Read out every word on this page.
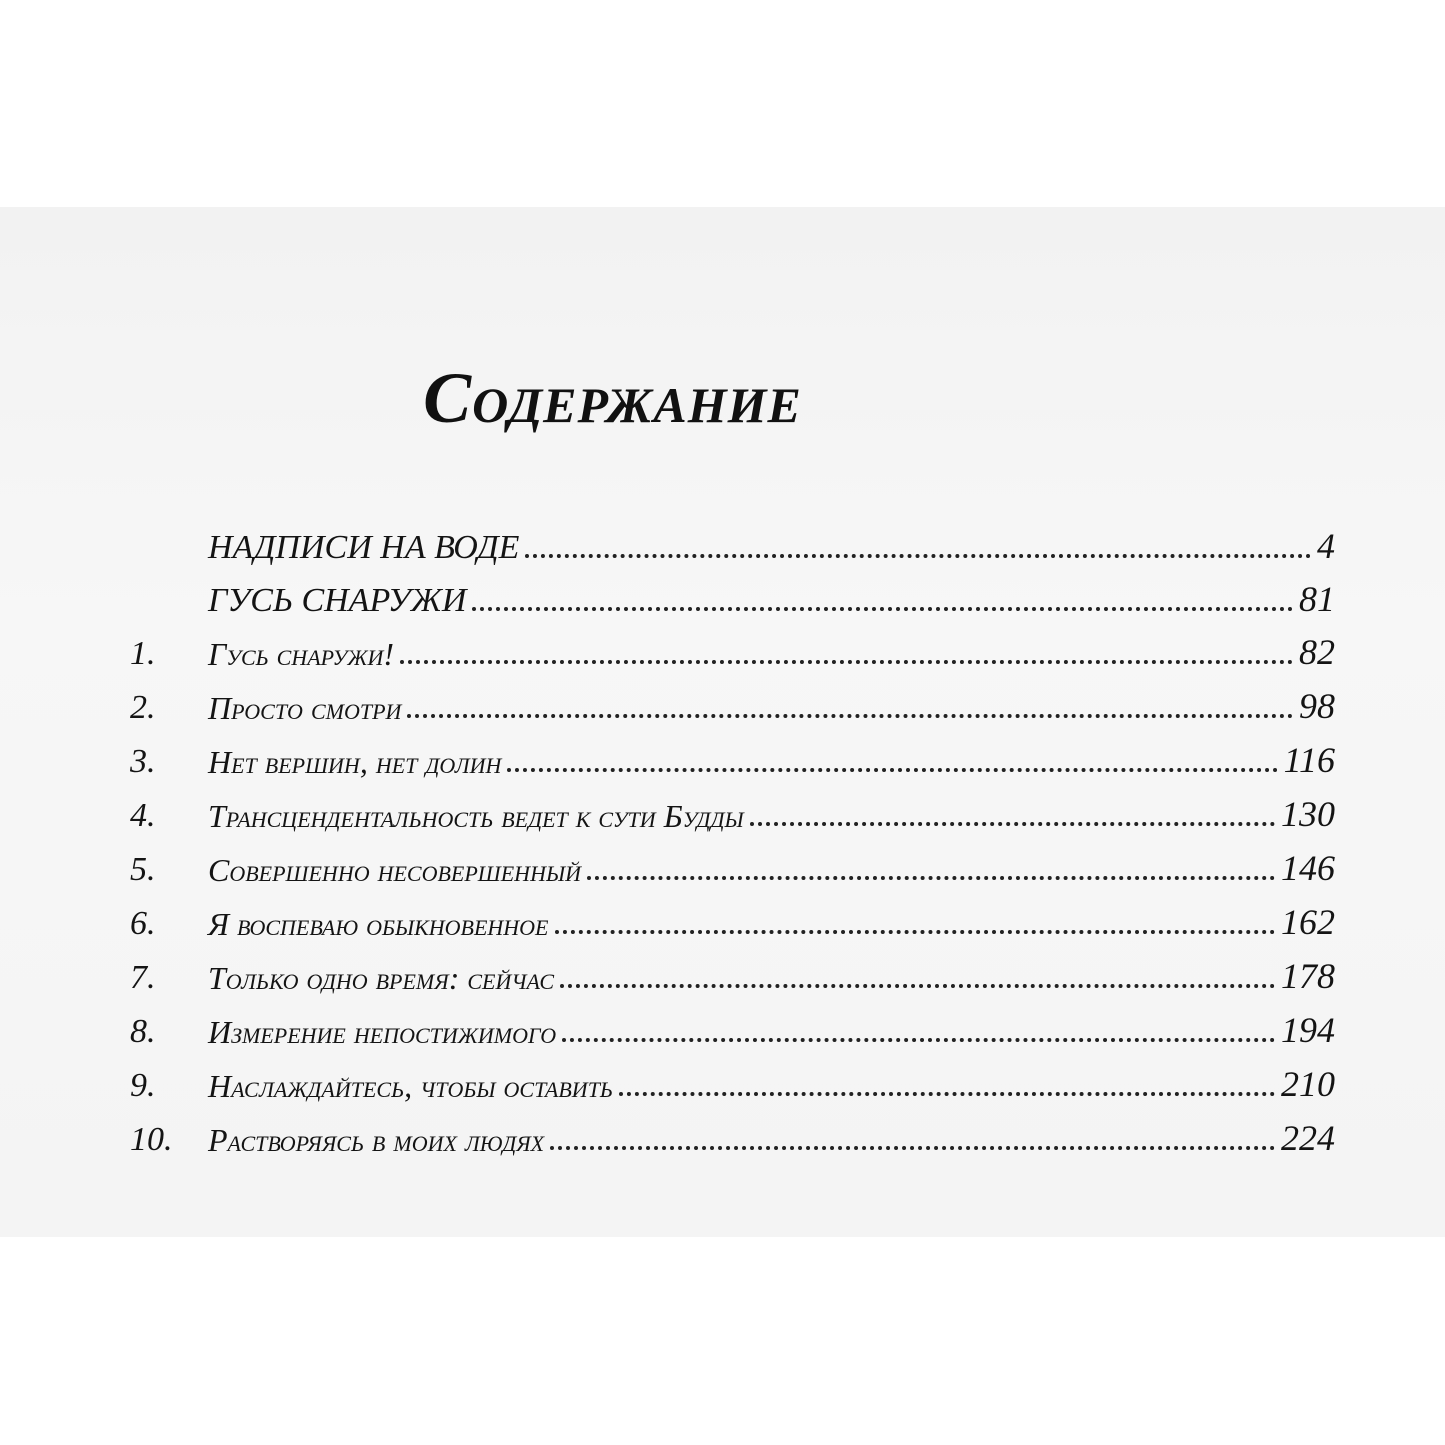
Содержание
НАДПИСИ НА ВОДЕ	4
ГУСЬ СНАРУЖИ	81
1.	Гусь снаружи!	82
2.	Просто смотри	98
3.	Нет вершин, нет долин	116
4.	Трансцендентальность ведет к сути Будды	130
5.	Совершенно несовершенный	146
6.	Я воспеваю обыкновенное	162
7.	Только одно время: сейчас	178
8.	Измерение непостижимого	194
9.	Наслаждайтесь, чтобы оставить	210
10.	Растворяясь в моих людях	224
